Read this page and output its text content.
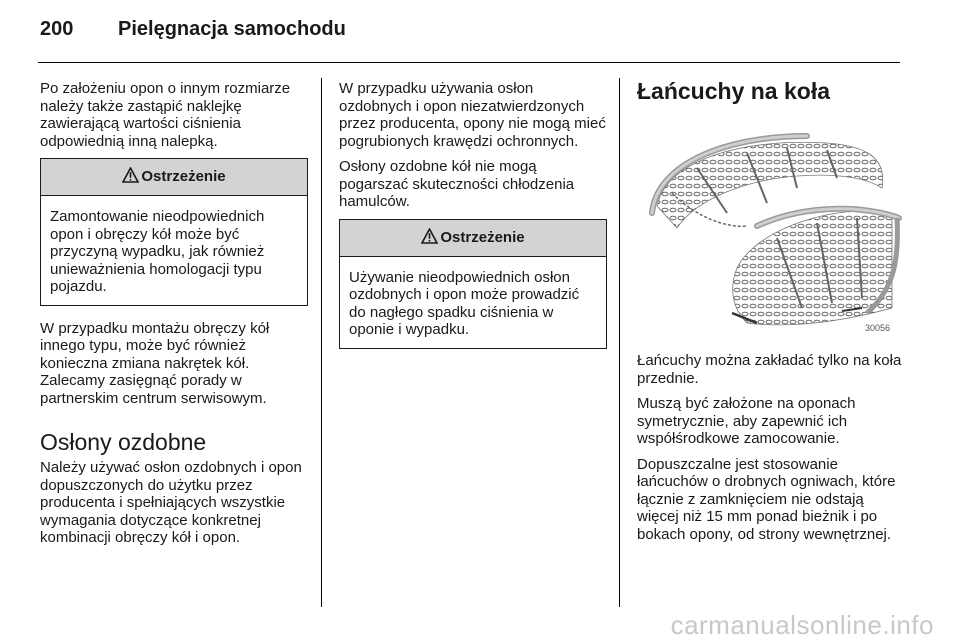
200 Pielęgnacja samochodu

Po założeniu opon o innym rozmiarze należy także zastąpić naklejkę zawierającą wartości ciśnienia odpowiednią inną nalepką.

Ostrzeżenie
Zamontowanie nieodpowiednich opon i obręczy kół może być przyczyną wypadku, jak również unieważnienia homologacji typu pojazdu.

W przypadku montażu obręczy kół innego typu, może być również konieczna zmiana nakrętek kół. Zalecamy zasięgnąć porady w partnerskim centrum serwisowym.

Osłony ozdobne

Należy używać osłon ozdobnych i opon dopuszczonych do użytku przez producenta i spełniających wszystkie wymagania dotyczące konkretnej kombinacji obręczy kół i opon.

W przypadku używania osłon ozdobnych i opon niezatwierdzonych przez producenta, opony nie mogą mieć pogrubionych krawędzi ochronnych.

Osłony ozdobne kół nie mogą pogarszać skuteczności chłodzenia hamulców.

Ostrzeżenie
Używanie nieodpowiednich osłon ozdobnych i opon może prowadzić do nagłego spadku ciśnienia w oponie i wypadku.
Łańcuchy na koła
30056

Łańcuchy można zakładać tylko na koła przednie.

Muszą być założone na oponach symetrycznie, aby zapewnić ich współśrodkowe zamocowanie.

Dopuszczalne jest stosowanie łańcuchów o drobnych ogniwach, które łącznie z zamknięciem nie odstają więcej niż 15 mm ponad bieżnik i po bokach opony, od strony wewnętrznej.

carmanualsonline.info
